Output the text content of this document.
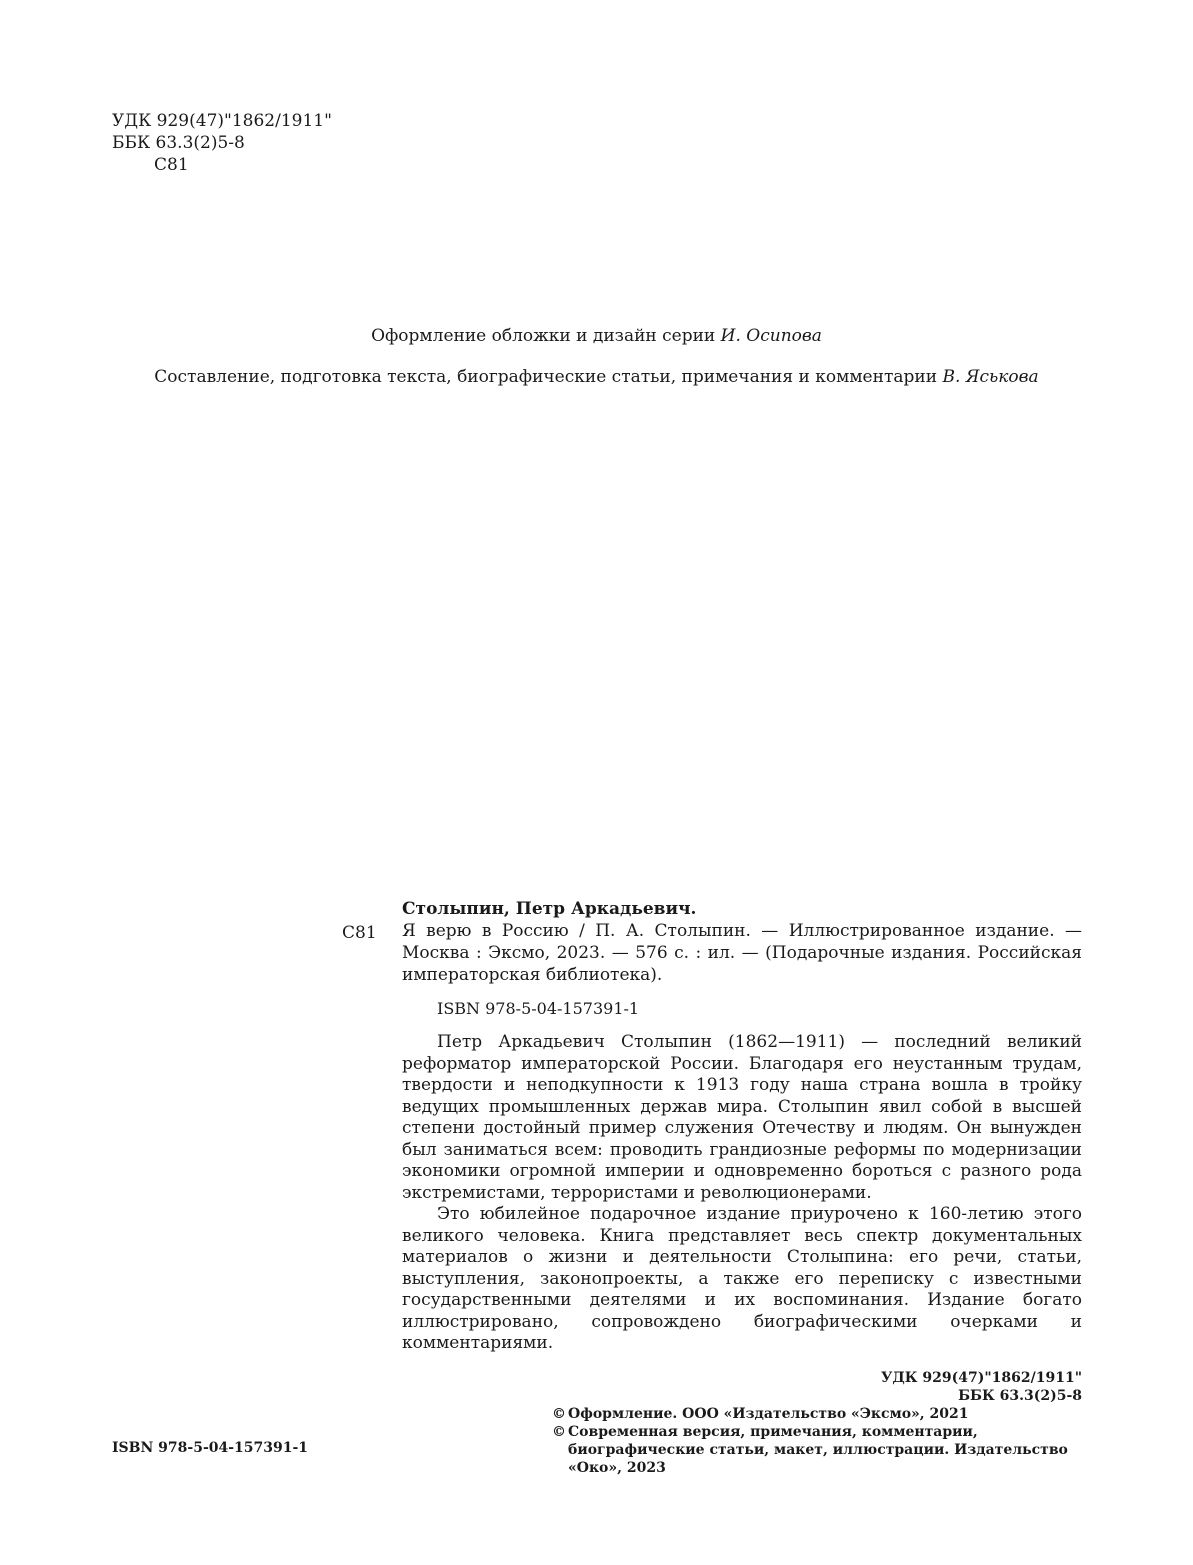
УДК 929(47)"1862/1911"
ББК 63.3(2)5-8
С81
Оформление обложки и дизайн серии И. Осипова
Составление, подготовка текста, биографические статьи, примечания и комментарии В. Яськова
Столыпин, Петр Аркадьевич.
С81 Я верю в Россию / П. А. Столыпин. — Иллюстрированное издание. — Москва : Эксмо, 2023. — 576 с. : ил. — (Подарочные издания. Российская императорская библиотека).
ISBN 978-5-04-157391-1

Петр Аркадьевич Столыпин (1862—1911) — последний великий реформатор императорской России. Благодаря его неустанным трудам, твердости и неподкупности к 1913 году наша страна вошла в тройку ведущих промышленных держав мира. Столыпин явил собой в высшей степени достойный пример служения Отечеству и людям. Он вынужден был заниматься всем: проводить грандиозные реформы по модернизации экономики огромной империи и одновременно бороться с разного рода экстремистами, террористами и революционерами.

Это юбилейное подарочное издание приурочено к 160-летию этого великого человека. Книга представляет весь спектр документальных материалов о жизни и деятельности Столыпина: его речи, статьи, выступления, законопроекты, а также его переписку с известными государственными деятелями и их воспоминания. Издание богато иллюстрировано, сопровождено биографическими очерками и комментариями.

УДК 929(47)"1862/1911"
ББК 63.3(2)5-8
ISBN 978-5-04-157391-1
© Оформление. ООО «Издательство «Эксмо», 2021
© Современная версия, примечания, комментарии,
биографические статьи, макет, иллюстрации. Издательство «Око», 2023
